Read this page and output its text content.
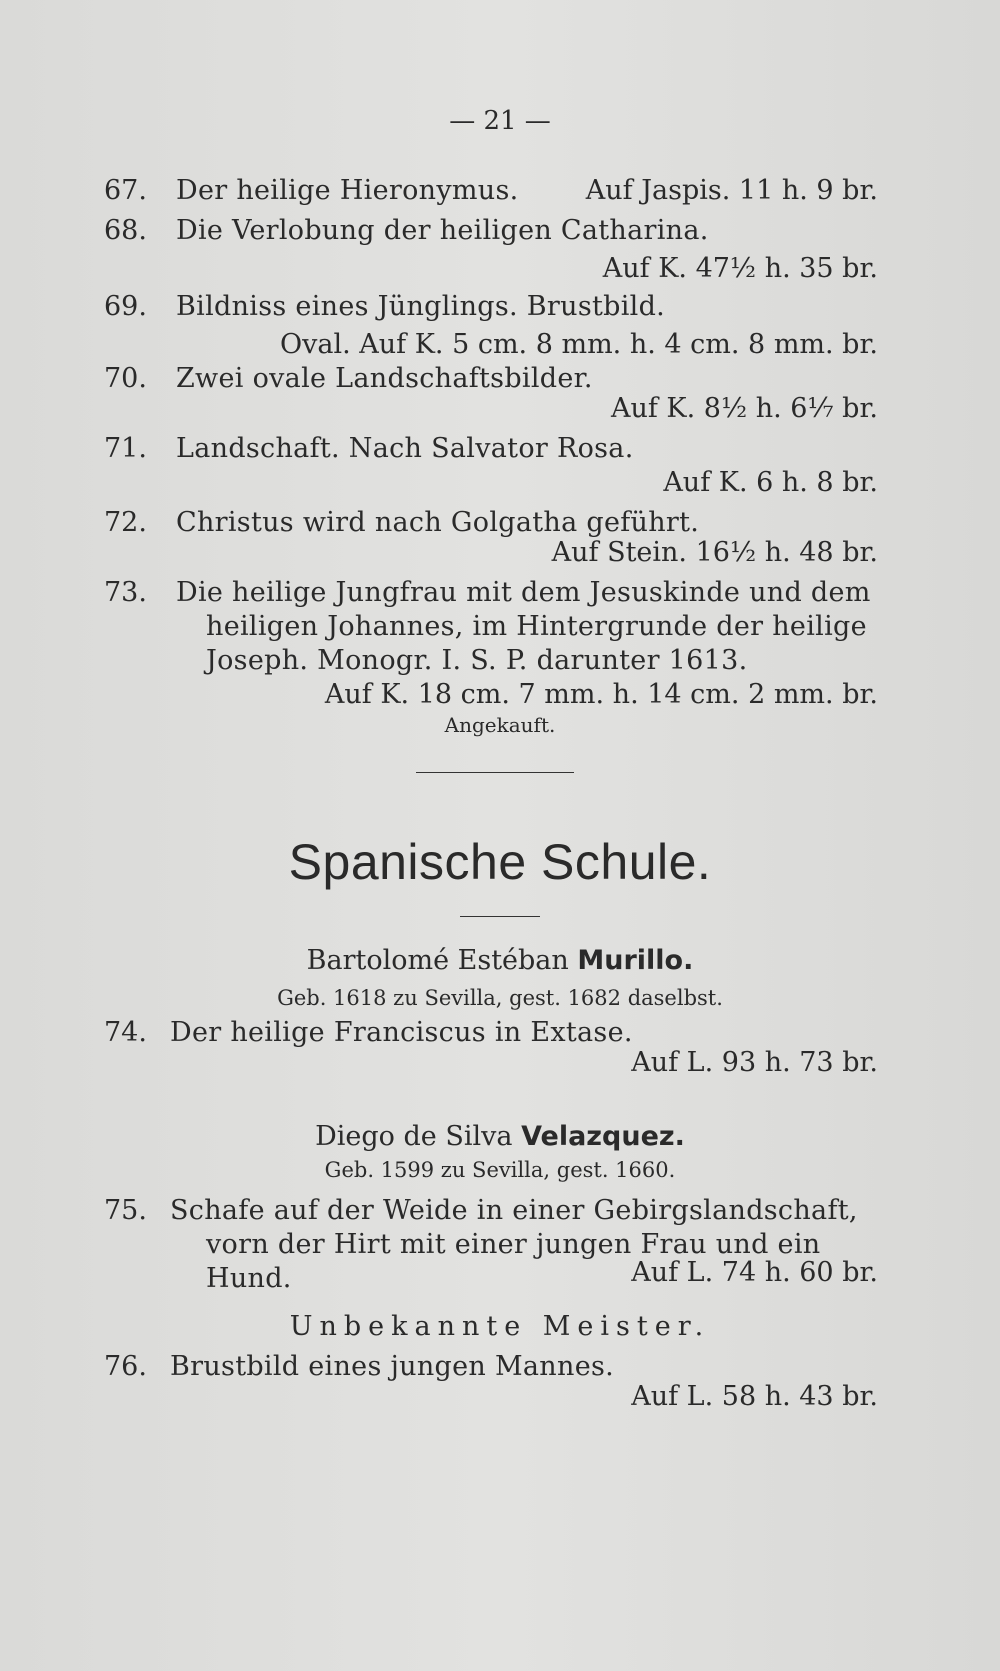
— 21 —
67. Der heilige Hieronymus. Auf Jaspis. 11 h. 9 br.
68. Die Verlobung der heiligen Catharina.
Auf K. 47½ h. 35 br.
69. Bildniss eines Jünglings. Brustbild.
Oval. Auf K. 5 cm. 8 mm. h. 4 cm. 8 mm. br.
70. Zwei ovale Landschaftsbilder.
Auf K. 8½ h. 6⅐ br.
71. Landschaft. Nach Salvator Rosa.
Auf K. 6 h. 8 br.
72. Christus wird nach Golgatha geführt.
Auf Stein. 16½ h. 48 br.
73. Die heilige Jungfrau mit dem Jesuskinde und dem
heiligen Johannes, im Hintergrunde der heilige
Joseph. Monogr. I. S. P. darunter 1613.
Auf K. 18 cm. 7 mm. h. 14 cm. 2 mm. br.
Angekauft.
Spanische Schule.
Bartolomé Estéban Murillo.
Geb. 1618 zu Sevilla, gest. 1682 daselbst.
74. Der heilige Franciscus in Extase.
Auf L. 93 h. 73 br.
Diego de Silva Velazquez.
Geb. 1599 zu Sevilla, gest. 1660.
75. Schafe auf der Weide in einer Gebirgslandschaft,
vorn der Hirt mit einer jungen Frau und ein
Hund.	Auf L. 74 h. 60 br.
Unbekannte Meister.
76. Brustbild eines jungen Mannes.
Auf L. 58 h. 43 br.
